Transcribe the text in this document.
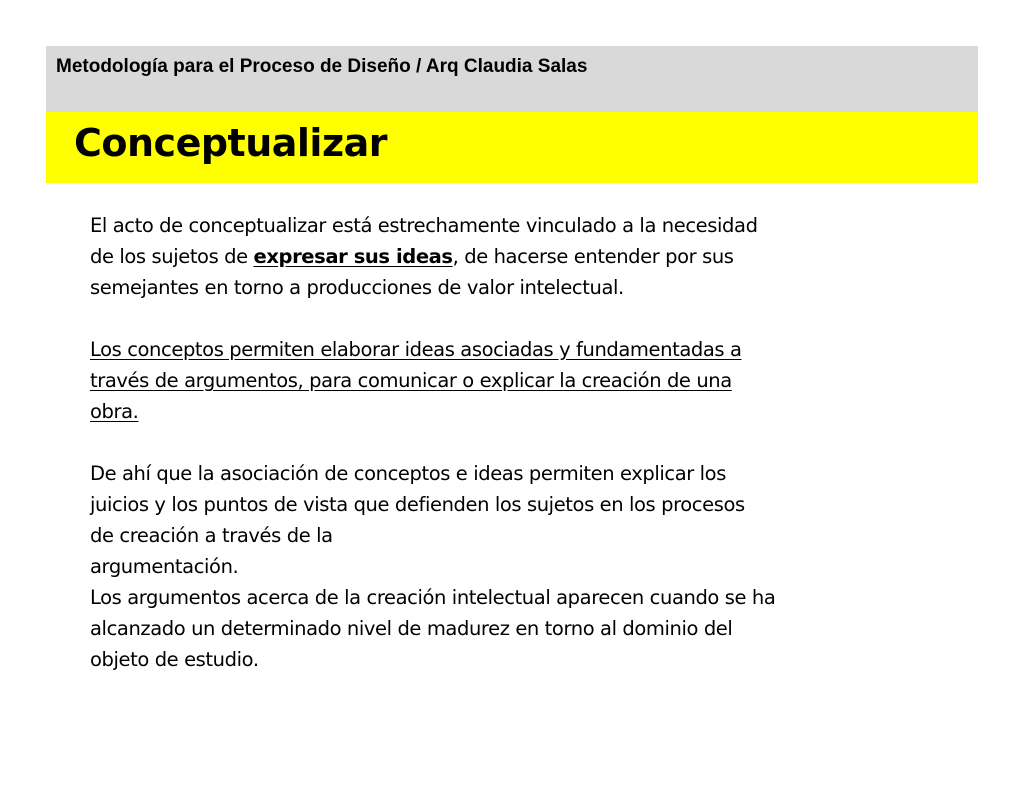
Metodología para el Proceso de Diseño / Arq Claudia Salas
Conceptualizar
El acto de conceptualizar está estrechamente vinculado a la necesidad
de los sujetos de expresar sus ideas, de hacerse entender por sus
semejantes en torno a producciones de valor intelectual.
Los conceptos permiten elaborar ideas asociadas y fundamentadas a
través de argumentos, para comunicar o explicar la creación de una
obra.
De ahí que la asociación de conceptos e ideas permiten explicar los
juicios y los puntos de vista que defienden los sujetos en los procesos
de creación a través de la
argumentación.
Los argumentos acerca de la creación intelectual aparecen cuando se ha
alcanzado un determinado nivel de madurez en torno al dominio del
objeto de estudio.
